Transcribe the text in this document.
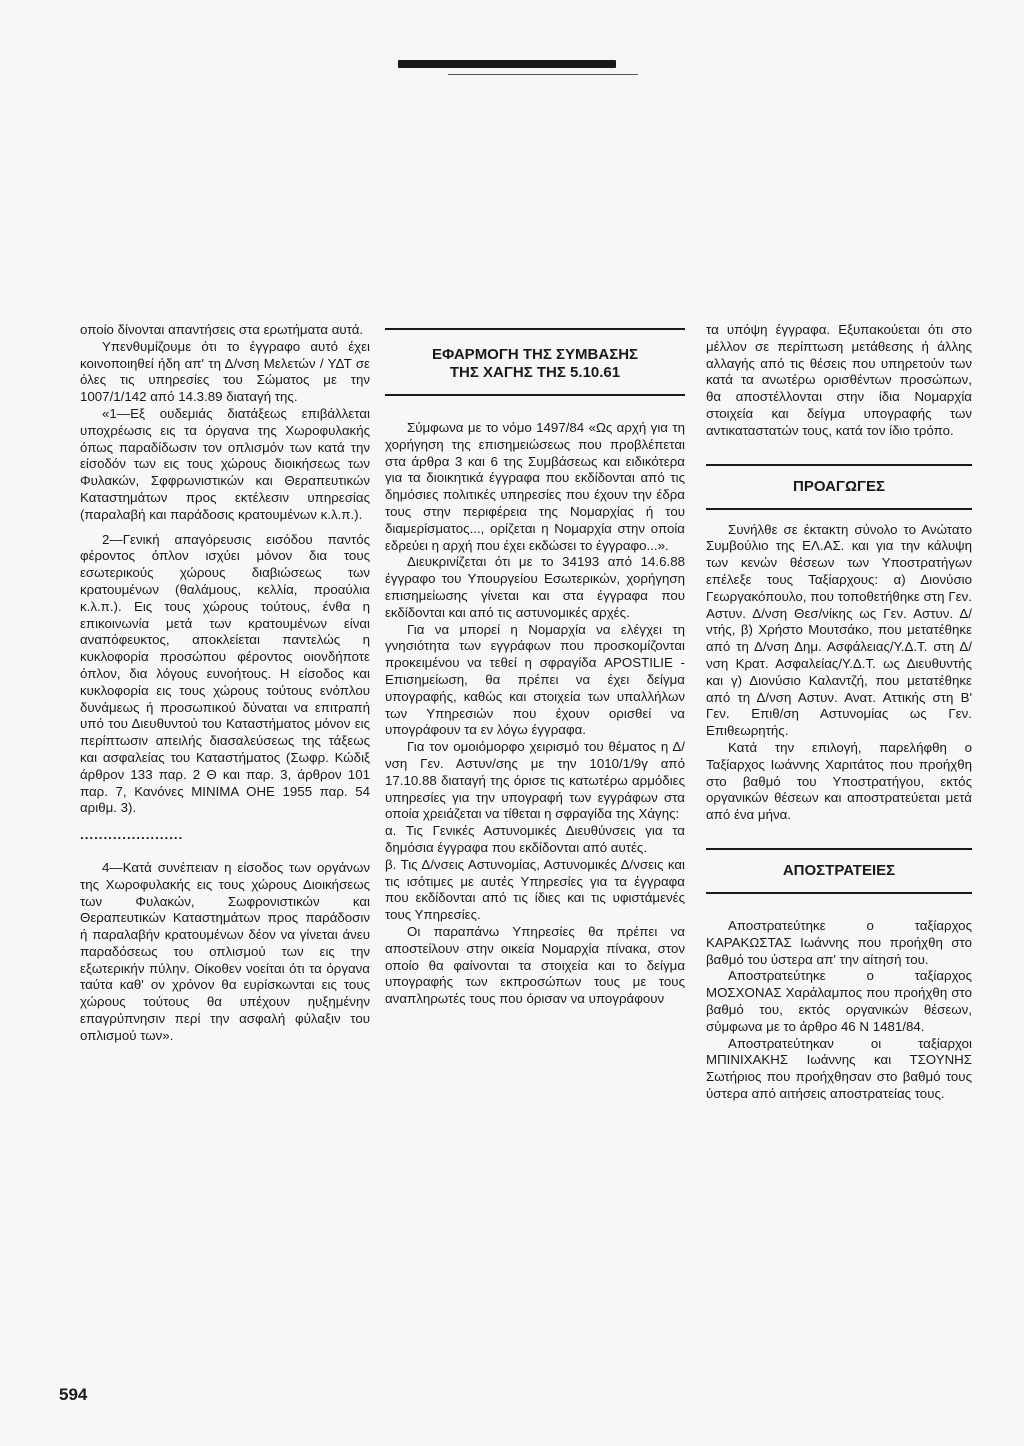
οποίο δίνονται απαντήσεις στα ερωτήματα αυτά.

Υπενθυμίζουμε ότι το έγγραφο αυτό έχει κοινοποιηθεί ήδη απ' τη Δ/νση Μελετών / ΥΔΤ σε όλες τις υπηρεσίες του Σώματος με την 1007/1/142 από 14.3.89 διαταγή της.

«1—Εξ ουδεμιάς διατάξεως επιβάλλεται υποχρέωσις εις τα όργανα της Χωροφυλακής όπως παραδίδωσιν τον οπλισμόν των κατά την είσοδόν των εις τους χώρους διοικήσεως των Φυλακών, Σφφρωνιστικών και Θεραπευτικών Καταστημάτων προς εκτέλεσιν υπηρεσίας (παραλαβή και παράδοσις κρατουμένων κ.λ.π.).

2—Γενική απαγόρευσις εισόδου παντός φέροντος όπλον ισχύει μόνον δια τους εσωτερικούς χώρους διαβιώσεως των κρατουμένων (θαλάμους, κελλία, προαύλια κ.λ.π.). Εις τους χώρους τούτους, ένθα η επικοινωνία μετά των κρατουμένων είναι αναπόφευκτος, αποκλείεται παντελώς η κυκλοφορία προσώπου φέροντος οιονδήποτε όπλον, δια λόγους ευνοήτους. Η είσοδος και κυκλοφορία εις τους χώρους τούτους ενόπλου δυνάμεως ή προσωπικού δύναται να επιτραπή υπό του Διευθυντού του Καταστήματος μόνον εις περίπτωσιν απειλής διασαλεύσεως της τάξεως και ασφαλείας του Καταστήματος (Σωφρ. Κώδιξ άρθρον 133 παρ. 2 Θ και παρ. 3, άρθρον 101 παρ. 7, Κανόνες MINIMA OHE 1955 παρ. 54 αριθμ. 3).

......................

4—Κατά συνέπειαν η είσοδος των οργάνων της Χωροφυλακής εις τους χώρους Διοικήσεως των Φυλακών, Σωφρονιστικών και Θεραπευτικών Καταστημάτων προς παράδοσιν ή παραλαβήν κρατουμένων δέον να γίνεται άνευ παραδόσεως του οπλισμού των εις την εξωτερικήν πύλην. Οίκοθεν νοείται ότι τα όργανα ταύτα καθ' ον χρόνον θα ευρίσκωνται εις τους χώρους τούτους θα υπέχουν ηυξημένην επαγρύπνησιν περί την ασφαλή φύλαξιν του οπλισμού των».

ΕΦΑΡΜΟΓΗ ΤΗΣ ΣΥΜΒΑΣΗΣ
ΤΗΣ ΧΑΓΗΣ ΤΗΣ 5.10.61

Σύμφωνα με το νόμο 1497/84 «Ως αρχή για τη χορήγηση της επισημειώσεως που προβλέπεται στα άρθρα 3 και 6 της Συμβάσεως και ειδικότερα για τα διοικητικά έγγραφα που εκδίδονται από τις δημόσιες πολιτικές υπηρεσίες που έχουν την έδρα τους στην περιφέρεια της Νομαρχίας ή του διαμερίσματος..., ορίζεται η Νομαρχία στην οποία εδρεύει η αρχή που έχει εκδώσει το έγγραφο...».

Διευκρινίζεται ότι με το 34193 από 14.6.88 έγγραφο του Υπουργείου Εσωτερικών, χορήγηση επισημείωσης γίνεται και στα έγγραφα που εκδίδονται και από τις αστυνομικές αρχές.

Για να μπορεί η Νομαρχία να ελέγχει τη γνησιότητα των εγγράφων που προσκομίζονται προκειμένου να τεθεί η σφραγίδα APOSTILIE - Επισημείωση, θα πρέπει να έχει δείγμα υπογραφής, καθώς και στοιχεία των υπαλλήλων των Υπηρεσιών που έχουν ορισθεί να υπογράφουν τα εν λόγω έγγραφα.

Για τον ομοιόμορφο χειρισμό του θέματος η Δ/νση Γεν. Αστυν/σης με την 1010/1/9γ από 17.10.88 διαταγή της όρισε τις κατωτέρω αρμόδιες υπηρεσίες για την υπογραφή των εγγράφων στα οποία χρειάζεται να τίθεται η σφραγίδα της Χάγης:

α. Τις Γενικές Αστυνομικές Διευθύνσεις για τα δημόσια έγγραφα που εκδίδονται από αυτές.

β. Τις Δ/νσεις Αστυνομίας, Αστυνομικές Δ/νσεις και τις ισότιμες με αυτές Υπηρεσίες για τα έγγραφα που εκδίδονται από τις ίδιες και τις υφιστάμενές τους Υπηρεσίες.

Οι παραπάνω Υπηρεσίες θα πρέπει να αποστείλουν στην οικεία Νομαρχία πίνακα, στον οποίο θα φαίνονται τα στοιχεία και το δείγμα υπογραφής των εκπροσώπων τους με τους αναπληρωτές τους που όρισαν να υπογράφουν

τα υπόψη έγγραφα. Εξυπακούεται ότι στο μέλλον σε περίπτωση μετάθεσης ή άλλης αλλαγής από τις θέσεις που υπηρετούν των κατά τα ανωτέρω ορισθέντων προσώπων, θα αποστέλλονται στην ίδια Νομαρχία στοιχεία και δείγμα υπογραφής των αντικαταστατών τους, κατά τον ίδιο τρόπο.

ΠΡΟΑΓΩΓΕΣ

Συνήλθε σε έκτακτη σύνολο το Ανώτατο Συμβούλιο της ΕΛ.ΑΣ. και για την κάλυψη των κενών θέσεων των Υποστρατήγων επέλεξε τους Ταξίαρχους: α) Διονύσιο Γεωργακόπουλο, που τοποθετήθηκε στη Γεν. Αστυν. Δ/νση Θεσ/νίκης ως Γεν. Αστυν. Δ/ντής, β) Χρήστο Μουτσάκο, που μετατέθηκε από τη Δ/νση Δημ. Ασφάλειας/Υ.Δ.Τ. στη Δ/νση Κρατ. Ασφαλείας/Υ.Δ.Τ. ως Διευθυντής και γ) Διονύσιο Καλαντζή, που μετατέθηκε από τη Δ/νση Αστυν. Ανατ. Αττικής στη Β' Γεν. Επιθ/ση Αστυνομίας ως Γεν. Επιθεωρητής.

Κατά την επιλογή, παρελήφθη ο Ταξίαρχος Ιωάννης Χαριτάτος που προήχθη στο βαθμό του Υποστρατήγου, εκτός οργανικών θέσεων και αποστρατεύεται μετά από ένα μήνα.

ΑΠΟΣΤΡΑΤΕΙΕΣ

Αποστρατεύτηκε ο ταξίαρχος ΚΑΡΑΚΩΣΤΑΣ Ιωάννης που προήχθη στο βαθμό του ύστερα απ' την αίτησή του.

Αποστρατεύτηκε ο ταξίαρχος ΜΟΣΧΟΝΑΣ Χαράλαμπος που προήχθη στο βαθμό του, εκτός οργανικών θέσεων, σύμφωνα με το άρθρο 46 Ν 1481/84.

Αποστρατεύτηκαν οι ταξίαρχοι ΜΠΙΝΙΧΑΚΗΣ Ιωάννης και ΤΣΟΥΝΗΣ Σωτήριος που προήχθησαν στο βαθμό τους ύστερα από αιτήσεις αποστρατείας τους.

594
